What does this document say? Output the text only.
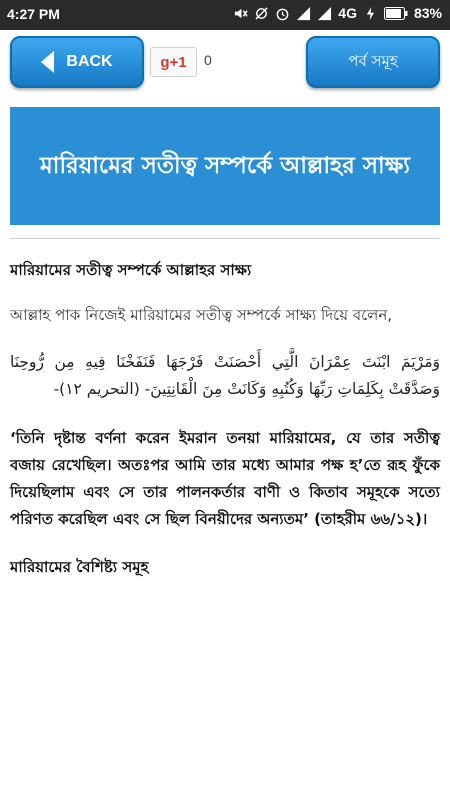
4:27 PM	4G	83%
BACK	g+1 0	পর্ব সমূহ
মারিয়ামের সতীত্ব সম্পর্কে আল্লাহর সাক্ষ্য
মারিয়ামের সতীত্ব সম্পর্কে আল্লাহর সাক্ষ্য
আল্লাহ পাক নিজেই মারিয়ামের সতীত্ব সম্পর্কে সাক্ষ্য দিয়ে বলেন,
وَمَرْيَمَ ابْنَتَ عِمْرَانَ الَّتِي أَحْصَنَتْ فَرْجَهَا فَنَفَخْنَا فِيهِ مِن رُّوحِنَا وَصَدَّقَتْ بِكَلِمَاتِ رَبِّهَا وَكُتُبِهِ وَكَانَتْ مِنَ الْقَانِتِينَ- (التحريم ١٢)-
‘তিনি দৃষ্টান্ত বর্ণনা করেন ইমরান তনয়া মারিয়ামের, যে তার সতীত্ব বজায় রেখেছিল। অতঃপর আমি তার মধ্যে আমার পক্ষ হ’তে রূহ ফুঁকে দিয়েছিলাম এবং সে তার পালনকর্তার বাণী ও কিতাব সমূহকে সত্যে পরিণত করেছিল এবং সে ছিল বিনয়ীদের অন্যতম’ (তাহরীম ৬৬/১২)।
মারিয়ামের বৈশিষ্ট্য সমূহ
